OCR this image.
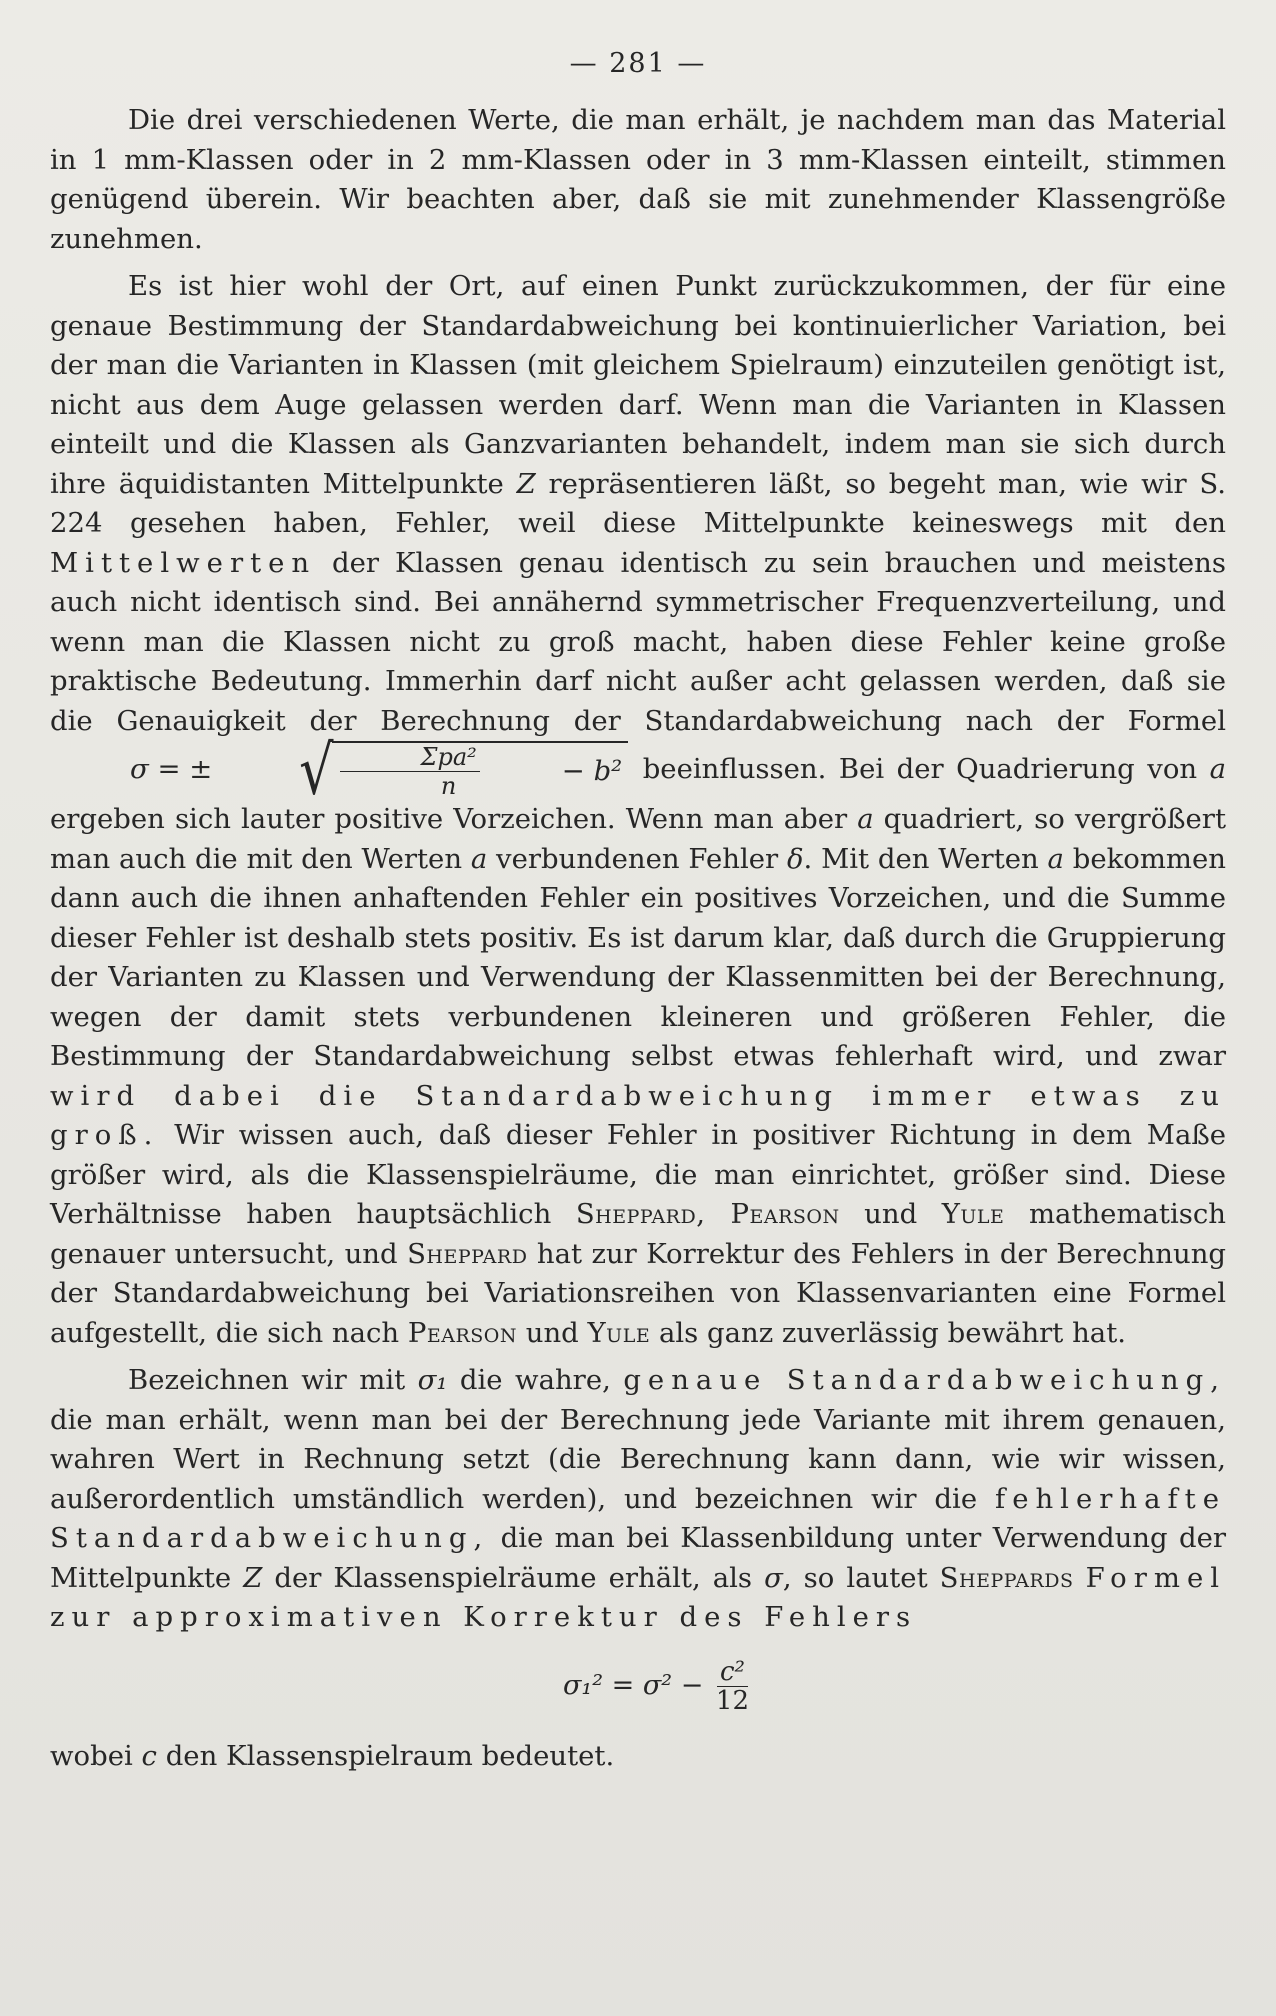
— 281 —

Die drei verschiedenen Werte, die man erhält, je nachdem man das Material in 1 mm-Klassen oder in 2 mm-Klassen oder in 3 mm-Klassen einteilt, stimmen genügend überein. Wir beachten aber, daß sie mit zunehmender Klassengröße zunehmen.

Es ist hier wohl der Ort, auf einen Punkt zurückzukommen, der für eine genaue Bestimmung der Standardabweichung bei kontinuierlicher Variation, bei der man die Varianten in Klassen (mit gleichem Spielraum) einzuteilen genötigt ist, nicht aus dem Auge gelassen werden darf. Wenn man die Varianten in Klassen einteilt und die Klassen als Ganzvarianten behandelt, indem man sie sich durch ihre äquidistanten Mittelpunkte Z repräsentieren läßt, so begeht man, wie wir S. 224 gesehen haben, Fehler, weil diese Mittelpunkte keineswegs mit den Mittelwerten der Klassen genau identisch zu sein brauchen und meistens auch nicht identisch sind. Bei annähernd symmetrischer Frequenzverteilung, und wenn man die Klassen nicht zu groß macht, haben diese Fehler keine große praktische Bedeutung. Immerhin darf nicht außer acht gelassen werden, daß sie die Genauigkeit der Berechnung der Standardabweichung nach der Formel σ = ±	√ $\frac{\text{Σpa²}}{n}$	− b² beeinflussen. Bei der Quadrierung von a ergeben sich lauter positive Vorzeichen. Wenn man aber a quadriert, so vergrößert man auch die mit den Werten a verbundenen Fehler δ. Mit den Werten a bekommen dann auch die ihnen anhaftenden Fehler ein positives Vorzeichen, und die Summe dieser Fehler ist deshalb stets positiv. Es ist darum klar, daß durch die Gruppierung der Varianten zu Klassen und Verwendung der Klassenmitten bei der Berechnung, wegen der damit stets verbundenen kleineren und größeren Fehler, die Bestimmung der Standardabweichung selbst etwas fehlerhaft wird, und zwar wird dabei die Standardabweichung immer etwas zu groß. Wir wissen auch, daß dieser Fehler in positiver Richtung in dem Maße größer wird, als die Klassenspielräume, die man einrichtet, größer sind. Diese Verhältnisse haben hauptsächlich Sheppard, Pearson und Yule mathematisch genauer untersucht, und Sheppard hat zur Korrektur des Fehlers in der Berechnung der Standardabweichung bei Variationsreihen von Klassenvarianten eine Formel aufgestellt, die sich nach Pearson und Yule als ganz zuverlässig bewährt hat.

Bezeichnen wir mit σ₁ die wahre, genaue Standardabweichung, die man erhält, wenn man bei der Berechnung jede Variante mit ihrem genauen, wahren Wert in Rechnung setzt (die Berechnung kann dann, wie wir wissen, außerordentlich umständlich werden), und bezeichnen wir die fehlerhafte Standardabweichung, die man bei Klassenbildung unter Verwendung der Mittelpunkte Z der Klassenspielräume erhält, als σ, so lautet Sheppards Formel zur approximativen Korrektur des Fehlers

$\sigma_1^2 = \sigma^2 - \frac{\text{c²}}{12}$

wobei c den Klassenspielraum bedeutet.
